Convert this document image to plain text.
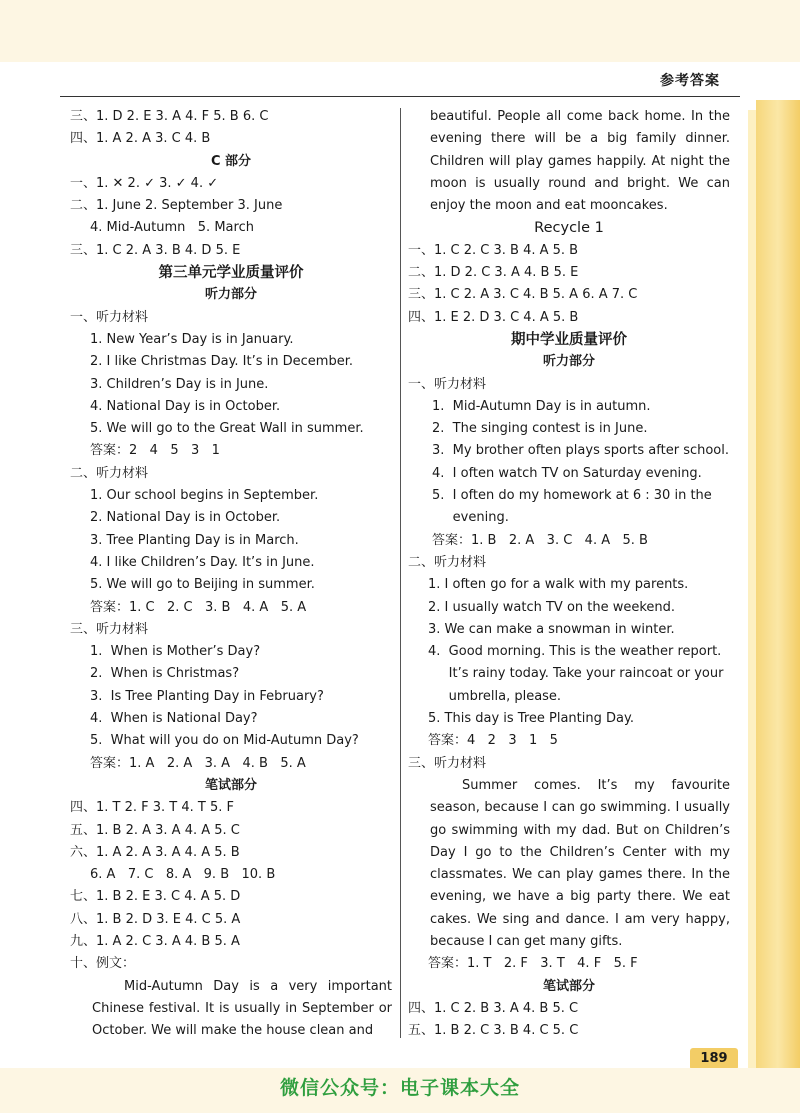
参考答案
三、1. D 2. E 3. A 4. F 5. B 6. C
四、1. A 2. A 3. C 4. B
C 部分
一、1. ✕ 2. ✓ 3. ✓ 4. ✓
二、1. June 2. September 3. June
4. Mid-Autumn   5. March
三、1. C 2. A 3. B 4. D 5. E
第三单元学业质量评价
听力部分
一、听力材料
1. New Year’s Day is in January.
2. I like Christmas Day. It’s in December.
3. Children’s Day is in June.
4. National Day is in October.
5. We will go to the Great Wall in summer.
答案：2   4   5   3   1
二、听力材料
1. Our school begins in September.
2. National Day is in October.
3. Tree Planting Day is in March.
4. I like Children’s Day. It’s in June.
5. We will go to Beijing in summer.
答案：1. C   2. C   3. B   4. A   5. A
三、听力材料
1.  When is Mother’s Day?
2.  When is Christmas?
3.  Is Tree Planting Day in February?
4.  When is National Day?
5.  What will you do on Mid-Autumn Day?
答案：1. A   2. A   3. A   4. B   5. A
笔试部分
四、1. T 2. F 3. T 4. T 5. F
五、1. B 2. A 3. A 4. A 5. C
六、1. A 2. A 3. A 4. A 5. B
6. A   7. C   8. A   9. B   10. B
七、1. B 2. E 3. C 4. A 5. D
八、1. B 2. D 3. E 4. C 5. A
九、1. A 2. C 3. A 4. B 5. A
十、例文：
Mid-Autumn Day is a very important Chinese festival. It is usually in September or October. We will make the house clean and
beautiful. People all come back home. In the evening there will be a big family dinner. Children will play games happily. At night the moon is usually round and bright. We can enjoy the moon and eat mooncakes.
Recycle 1
一、1. C 2. C 3. B 4. A 5. B
二、1. D 2. C 3. A 4. B 5. E
三、1. C 2. A 3. C 4. B 5. A 6. A 7. C
四、1. E 2. D 3. C 4. A 5. B
期中学业质量评价
听力部分
一、听力材料
1.  Mid-Autumn Day is in autumn.
2.  The singing contest is in June.
3.  My brother often plays sports after school.
4.  I often watch TV on Saturday evening.
5.  I often do my homework at 6 : 30 in the
evening.
答案：1. B   2. A   3. C   4. A   5. B
二、听力材料
1. I often go for a walk with my parents.
2. I usually watch TV on the weekend.
3. We can make a snowman in winter.
4.  Good morning. This is the weather report.
It’s rainy today. Take your raincoat or your
umbrella, please.
5. This day is Tree Planting Day.
答案：4   2   3   1   5
三、听力材料
Summer comes. It’s my favourite season, because I can go swimming. I usually go swimming with my dad. But on Children’s Day I go to the Children’s Center with my classmates. We can play games there. In the evening, we have a big party there. We eat cakes. We sing and dance. I am very happy, because I can get many gifts.
答案：1. T   2. F   3. T   4. F   5. F
笔试部分
四、1. C 2. B 3. A 4. B 5. C
五、1. B 2. C 3. B 4. C 5. C
189
微信公众号：电子课本大全
